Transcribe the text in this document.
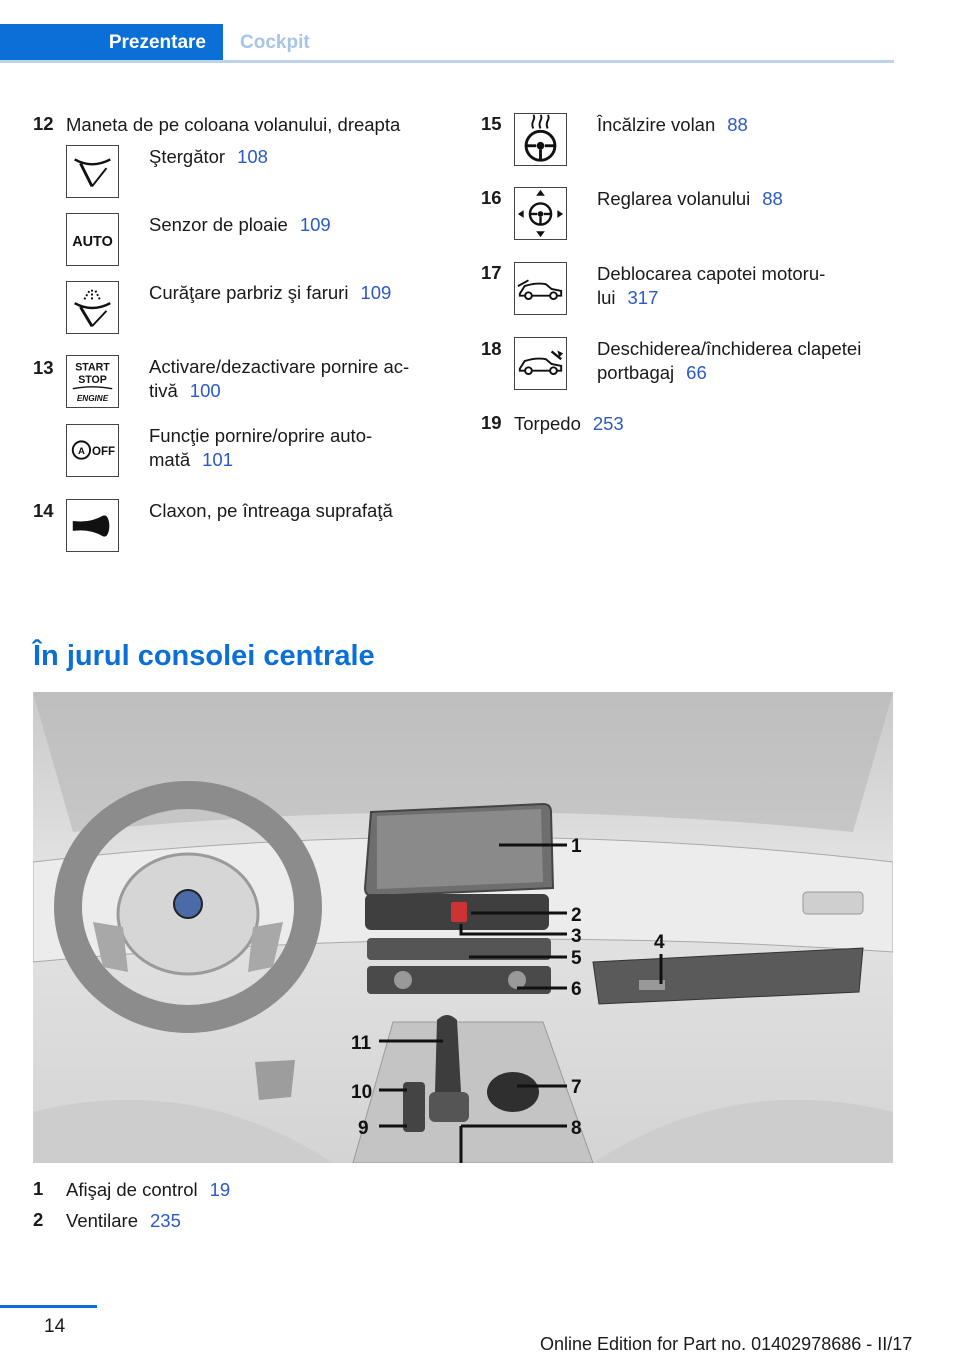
Prezentare	Cockpit
12 Maneta de pe coloana volanului, dreapta
Ştergător 108
AUTO
Senzor de ploaie 109
Curăţare parbriz şi faruri 109
13 START
STOP
ENGINE
Activare/dezactivare pornire ac‐
tivă 100
A OFF
Funcţie pornire/oprire auto‐
mată 101
14	Claxon, pe întreaga suprafaţă
15	Încălzire volan 88
16	Reglarea volanului 88
17	Deblocarea capotei motoru‐
lui 317
18	Deschiderea/închiderea clapetei
portbagaj 66
19 Torpedo 253
În jurul consolei centrale
1
2
3	4
5
6
7
8
9
10
11
1 Afişaj de control 19
2 Ventilare 235
14
Online Edition for Part no. 01402978686 - II/17
